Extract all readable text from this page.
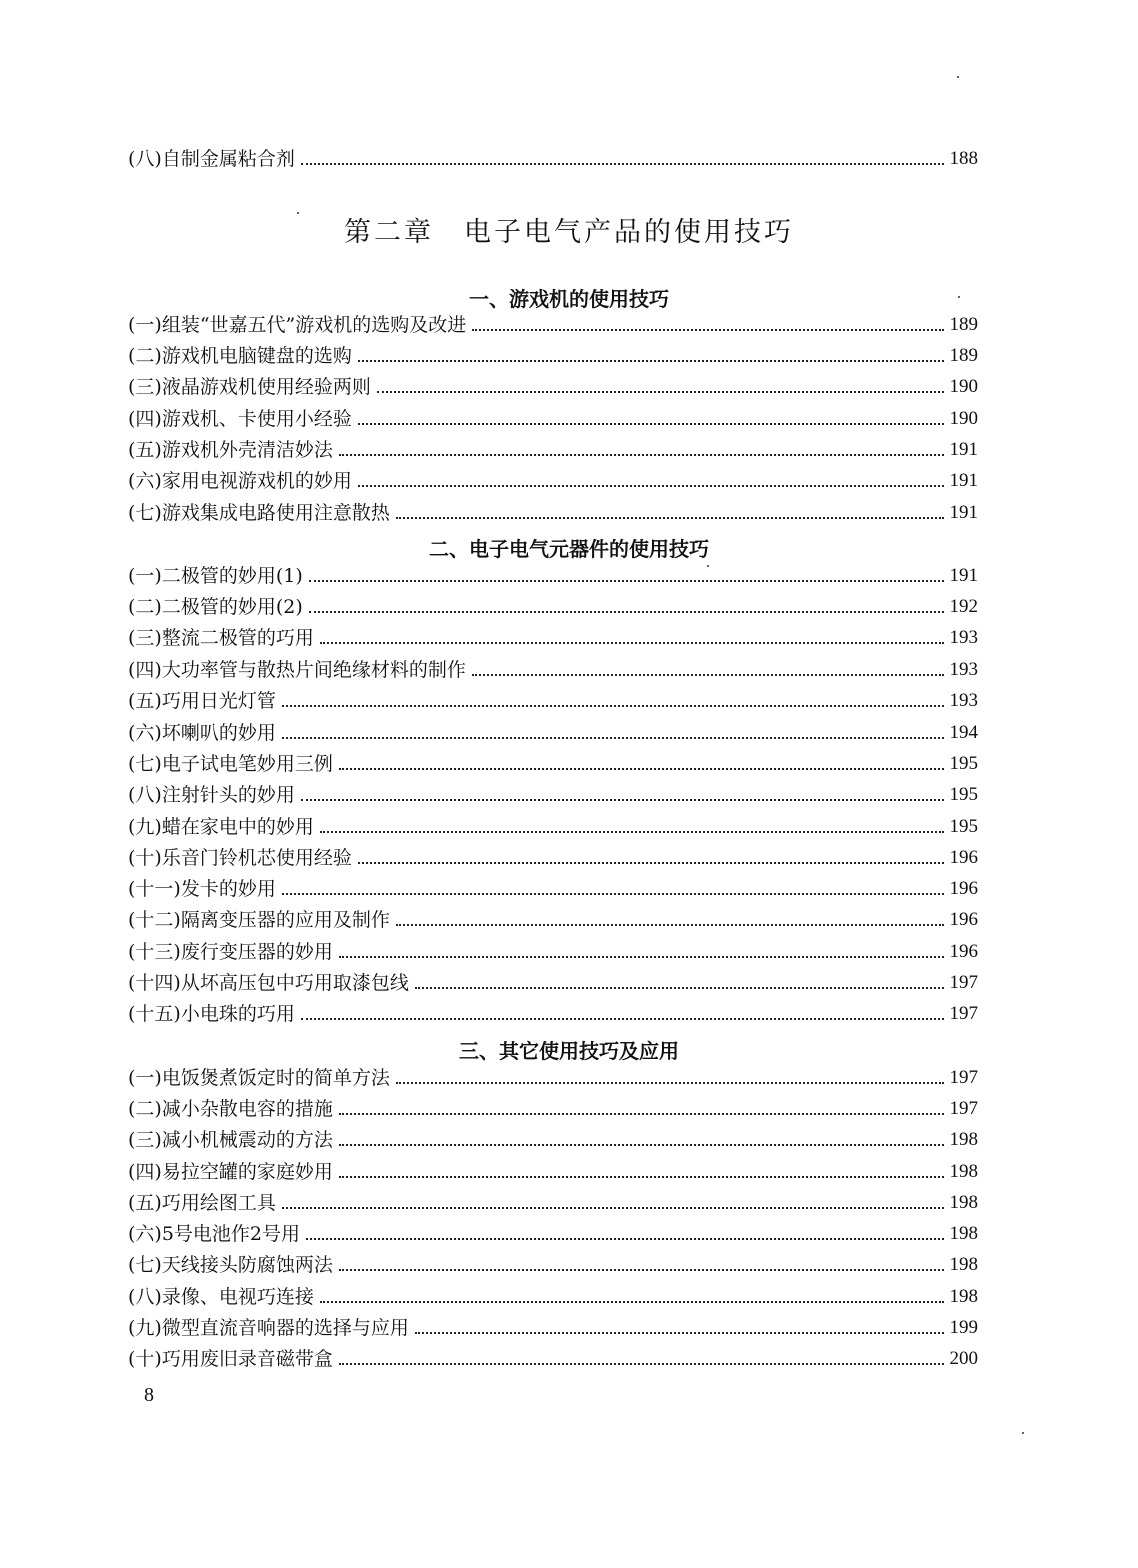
(八)自制金属粘合剂	188
第二章　电子电气产品的使用技巧
一、游戏机的使用技巧
(一)组装“世嘉五代”游戏机的选购及改进	189
(二)游戏机电脑键盘的选购	189
(三)液晶游戏机使用经验两则	190
(四)游戏机、卡使用小经验	190
(五)游戏机外壳清洁妙法	191
(六)家用电视游戏机的妙用	191
(七)游戏集成电路使用注意散热	191
二、电子电气元器件的使用技巧
(一)二极管的妙用(1)	191
(二)二极管的妙用(2)	192
(三)整流二极管的巧用	193
(四)大功率管与散热片间绝缘材料的制作	193
(五)巧用日光灯管	193
(六)坏喇叭的妙用	194
(七)电子试电笔妙用三例	195
(八)注射针头的妙用	195
(九)蜡在家电中的妙用	195
(十)乐音门铃机芯使用经验	196
(十一)发卡的妙用	196
(十二)隔离变压器的应用及制作	196
(十三)废行变压器的妙用	196
(十四)从坏高压包中巧用取漆包线	197
(十五)小电珠的巧用	197
三、其它使用技巧及应用
(一)电饭煲煮饭定时的简单方法	197
(二)减小杂散电容的措施	197
(三)减小机械震动的方法	198
(四)易拉空罐的家庭妙用	198
(五)巧用绘图工具	198
(六)5号电池作2号用	198
(七)天线接头防腐蚀两法	198
(八)录像、电视巧连接	198
(九)微型直流音响器的选择与应用	199
(十)巧用废旧录音磁带盒	200
8
